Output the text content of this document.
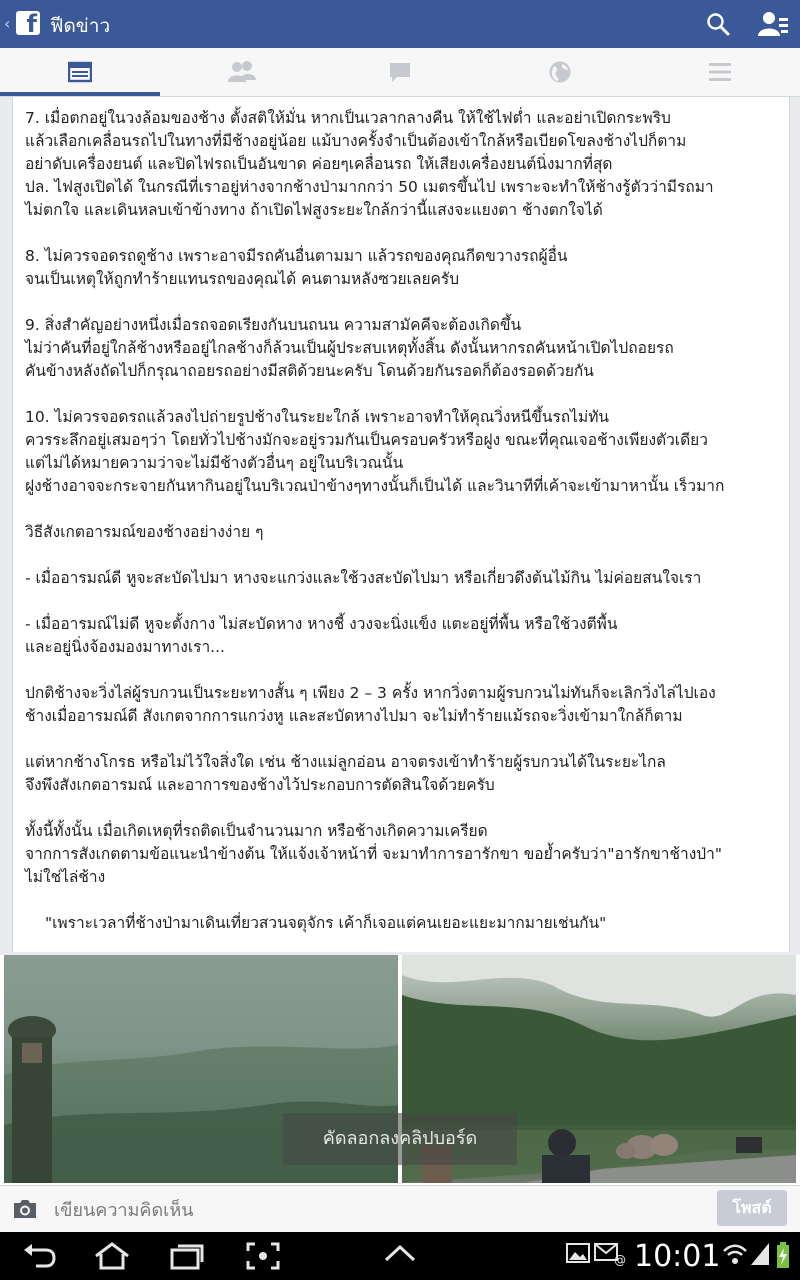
‹ f ฟีดข่าว

7. เมื่อตกอยู่ในวงล้อมของช้าง ตั้งสติให้มั่น หากเป็นเวลากลางคืน ให้ใช้ไฟต่ำ และอย่าเปิดกระพริบ
แล้วเลือกเคลื่อนรถไปในทางที่มีช้างอยู่น้อย แม้บางครั้งจำเป็นต้องเข้าใกล้หรือเบียดโขลงช้างไปก็ตาม
อย่าดับเครื่องยนต์ และปิดไฟรถเป็นอันขาด ค่อยๆเคลื่อนรถ ให้เสียงเครื่องยนต์นิ่งมากที่สุด
ปล. ไฟสูงเปิดได้ ในกรณีที่เราอยู่ห่างจากช้างป่ามากกว่า 50 เมตรขึ้นไป เพราะจะทำให้ช้างรู้ตัวว่ามีรถมา
ไม่ตกใจ และเดินหลบเข้าข้างทาง ถ้าเปิดไฟสูงระยะใกล้กว่านี้แสงจะแยงตา ช้างตกใจได้

8. ไม่ควรจอดรถดูช้าง เพราะอาจมีรถคันอื่นตามมา แล้วรถของคุณกีดขวางรถผู้อื่น
จนเป็นเหตุให้ถูกทำร้ายแทนรถของคุณได้ คนตามหลังซวยเลยครับ

9. สิ่งสำคัญอย่างหนึ่งเมื่อรถจอดเรียงกันบนถนน ความสามัคคีจะต้องเกิดขึ้น
ไม่ว่าคันที่อยู่ใกล้ช้างหรืออยู่ไกลช้างก็ล้วนเป็นผู้ประสบเหตุทั้งสิ้น ดังนั้นหากรถคันหน้าเปิดไปถอยรถ
คันข้างหลังถัดไปก็กรุณาถอยรถอย่างมีสติด้วยนะครับ โดนด้วยกันรอดก็ต้องรอดด้วยกัน

10. ไม่ควรจอดรถแล้วลงไปถ่ายรูปช้างในระยะใกล้ เพราะอาจทำให้คุณวิ่งหนีขึ้นรถไม่ทัน
ควรระลึกอยู่เสมอๆว่า โดยทั่วไปช้างมักจะอยู่รวมกันเป็นครอบครัวหรือฝูง ขณะที่คุณเจอช้างเพียงตัวเดียว
แต่ไม่ได้หมายความว่าจะไม่มีช้างตัวอื่นๆ อยู่ในบริเวณนั้น
ฝูงช้างอาจจะกระจายกันหากินอยู่ในบริเวณป่าข้างๆทางนั้นก็เป็นได้ และวินาทีที่เค้าจะเข้ามาหานั้น เร็วมาก

วิธีสังเกตอารมณ์ของช้างอย่างง่าย ๆ

- เมื่ออารมณ์ดี หูจะสะบัดไปมา หางจะแกว่งและใช้วงสะบัดไปมา หรือเกี่ยวดึงต้นไม้กิน ไม่ค่อยสนใจเรา

- เมื่ออารมณ์ไม่ดี หูจะตั้งกาง ไม่สะบัดหาง หางชี้ งวงจะนิ่งแข็ง แตะอยู่ที่พื้น หรือใช้วงตีพื้น
และอยู่นิ่งจ้องมองมาทางเรา...

ปกติช้างจะวิ่งไล่ผู้รบกวนเป็นระยะทางสั้น ๆ เพียง 2 – 3 ครั้ง หากวิ่งตามผู้รบกวนไม่ทันก็จะเลิกวิ่งไล่ไปเอง
ช้างเมื่ออารมณ์ดี สังเกตจากการแกว่งหู และสะบัดหางไปมา จะไม่ทำร้ายแม้รถจะวิ่งเข้ามาใกล้ก็ตาม

แต่หากช้างโกรธ หรือไม่ไว้ใจสิ่งใด เช่น ช้างแม่ลูกอ่อน อาจตรงเข้าทำร้ายผู้รบกวนได้ในระยะไกล
จึงพึงสังเกตอารมณ์ และอาการของช้างไว้ประกอบการตัดสินใจด้วยครับ

ทั้งนี้ทั้งนั้น เมื่อเกิดเหตุที่รถติดเป็นจำนวนมาก หรือช้างเกิดความเครียด
จากการสังเกตตามข้อแนะนำข้างต้น ให้แจ้งเจ้าหน้าที่ จะมาทำการอารักขา ขอย้ำครับว่า"อารักขาช้างป่า"
ไม่ใช่ไล่ช้าง

"เพราะเวลาที่ช้างป่ามาเดินเที่ยวสวนจตุจักร เค้าก็เจอแต่คนเยอะแยะมากมายเช่นกัน"

คัดลอกลงคลิปบอร์ด
เขียนความคิดเห็น
โพสต์
@ 10:01
